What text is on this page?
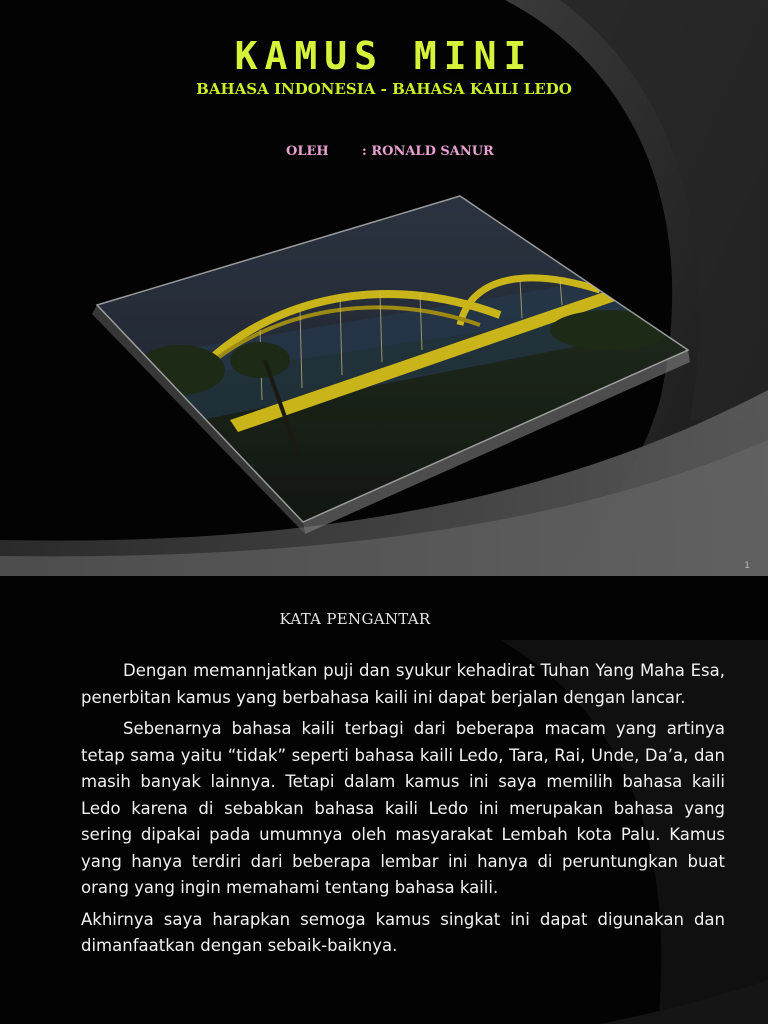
KAMUS MINI
BAHASA INDONESIA - BAHASA KAILI LEDO
OLEH	: RONALD SANUR
1
KATA PENGANTAR

Dengan memannjatkan puji dan syukur kehadirat Tuhan Yang Maha Esa, penerbitan kamus yang berbahasa kaili ini dapat berjalan dengan lancar.

Sebenarnya bahasa kaili terbagi dari beberapa macam yang artinya tetap sama yaitu “tidak” seperti bahasa kaili Ledo, Tara, Rai, Unde, Da’a, dan masih banyak lainnya. Tetapi dalam kamus ini saya memilih bahasa kaili Ledo karena di sebabkan bahasa kaili Ledo ini merupakan bahasa yang sering dipakai pada umumnya oleh masyarakat Lembah kota Palu. Kamus yang hanya terdiri dari beberapa lembar ini hanya di peruntungkan buat orang yang ingin memahami tentang bahasa kaili.

Akhirnya saya harapkan semoga kamus singkat ini dapat digunakan dan dimanfaatkan dengan sebaik-baiknya.
